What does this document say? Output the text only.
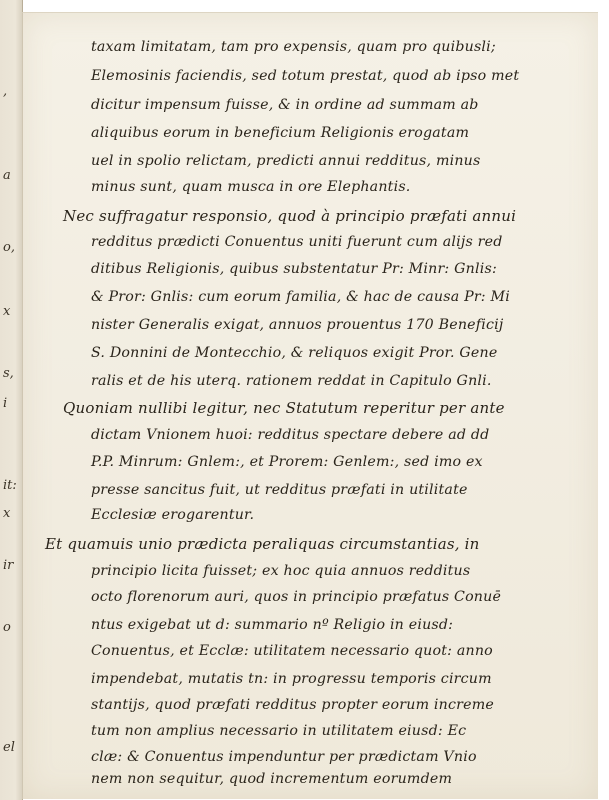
,
a
o,
x
s,
i
it:
x
ir
o
el
taxam limitatam, tam pro expensis, quam pro quibusli;
Elemosinis faciendis, sed totum prestat, quod ab ipso met
dicitur impensum fuisse, & in ordine ad summam ab
aliquibus eorum in beneficium Religionis erogatam
uel in spolio relictam, predicti annui redditus, minus
minus sunt, quam musca in ore Elephantis.
Nec suffragatur responsio, quod à principio præfati annui
redditus prædicti Conuentus uniti fuerunt cum alijs red
ditibus Religionis, quibus substentatur Pr: Minr: Gnlis:
& Pror: Gnlis: cum eorum familia, & hac de causa Pr: Mi
nister Generalis exigat, annuos prouentus 170 Beneficij
S. Donnini de Montecchio, & reliquos exigit Pror. Gene
ralis et de his uterq. rationem reddat in Capitulo Gnli.
Quoniam nullibi legitur, nec Statutum reperitur per ante
dictam Vnionem huoi: redditus spectare debere ad dd
P.P. Minrum: Gnlem:, et Prorem: Genlem:, sed imo ex
presse sancitus fuit, ut redditus præfati in utilitate
Ecclesiæ erogarentur.
Et quamuis unio prædicta peraliquas circumstantias, in
principio licita fuisset; ex hoc quia annuos redditus
octo florenorum auri, quos in principio præfatus Conuē
ntus exigebat ut d: summario nº Religio in eiusd:
Conuentus, et Ecclæ: utilitatem necessario quot: anno
impendebat, mutatis tn: in progressu temporis circum
stantijs, quod præfati redditus propter eorum increme
tum non amplius necessario in utilitatem eiusd: Ec
clæ: & Conuentus impenduntur per prædictam Vnio
nem non sequitur, quod incrementum eorumdem
